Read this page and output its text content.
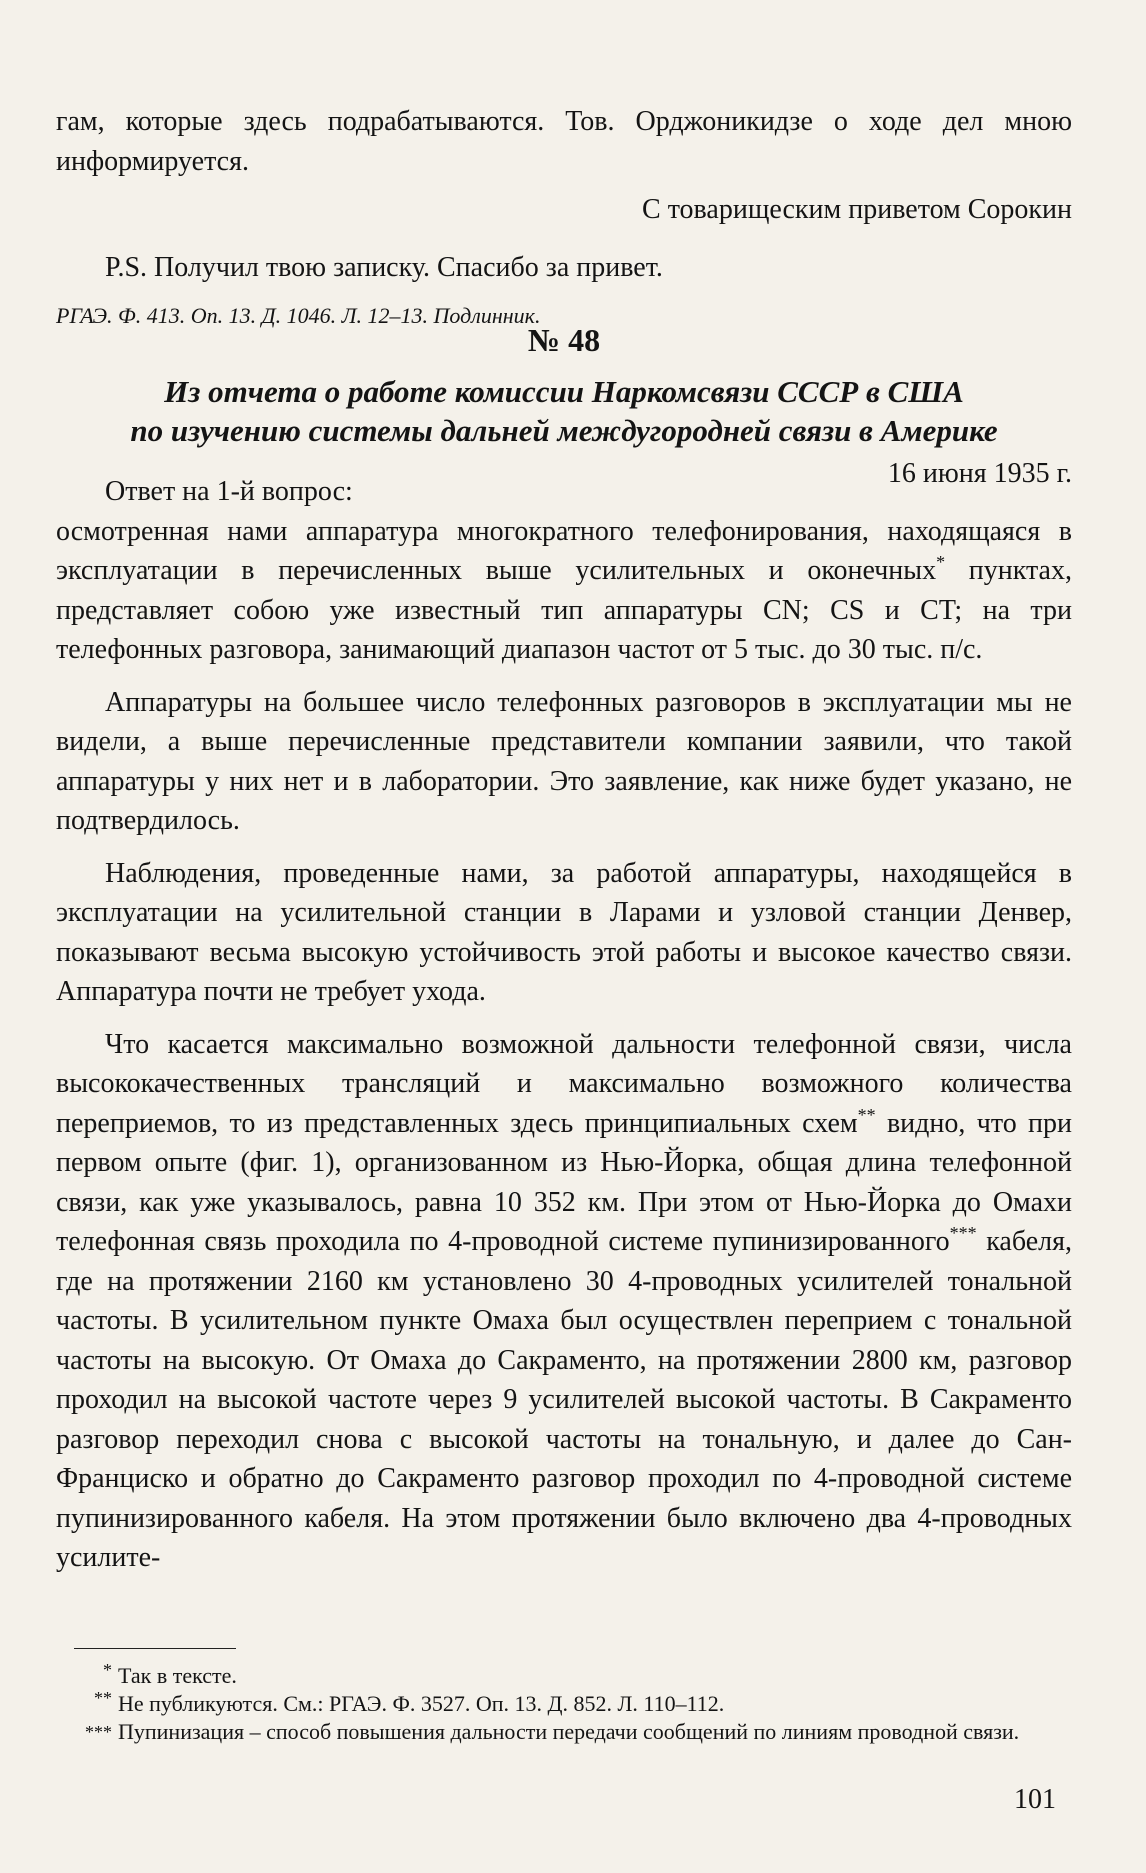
гам, которые здесь подрабатываются. Тов. Орджоникидзе о ходе дел мною информируется.

С товарищеским приветом Сорокин

P.S. Получил твою записку. Спасибо за привет.

РГАЭ. Ф. 413. Оп. 13. Д. 1046. Л. 12–13. Подлинник.

№ 48

Из отчета о работе комиссии Наркомсвязи СССР в США

по изучению системы дальней междугородней связи в Америке

16 июня 1935 г.

Ответ на 1-й вопрос:

осмотренная нами аппаратура многократного телефонирования, находящаяся в эксплуатации в перечисленных выше усилительных и оконечных* пунктах, представляет собою уже известный тип аппаратуры CN; CS и CT; на три телефонных разговора, занимающий диапазон частот от 5 тыс. до 30 тыс. п/с.

Аппаратуры на большее число телефонных разговоров в эксплуатации мы не видели, а выше перечисленные представители компании заявили, что такой аппаратуры у них нет и в лаборатории. Это заявление, как ниже будет указано, не подтвердилось.

Наблюдения, проведенные нами, за работой аппаратуры, находящейся в эксплуатации на усилительной станции в Ларами и узловой станции Денвер, показывают весьма высокую устойчивость этой работы и высокое качество связи. Аппаратура почти не требует ухода.

Что касается максимально возможной дальности телефонной связи, числа высококачественных трансляций и максимально возможного количества переприемов, то из представленных здесь принципиальных схем** видно, что при первом опыте (фиг. 1), организованном из Нью-Йорка, общая длина телефонной связи, как уже указывалось, равна 10 352 км. При этом от Нью-Йорка до Омахи телефонная связь проходила по 4-проводной системе пупинизированного*** кабеля, где на протяжении 2160 км установлено 30 4-проводных усилителей тональной частоты. В усилительном пункте Омаха был осуществлен переприем с тональной частоты на высокую. От Омаха до Сакраменто, на протяжении 2800 км, разговор проходил на высокой частоте через 9 усилителей высокой частоты. В Сакраменто разговор переходил снова с высокой частоты на тональную, и далее до Сан-Франциско и обратно до Сакраменто разговор проходил по 4-проводной системе пупинизированного кабеля. На этом протяжении было включено два 4-проводных усилите-

* Так в тексте.

** Не публикуются. См.: РГАЭ. Ф. 3527. Оп. 13. Д. 852. Л. 110–112.

*** Пупинизация – способ повышения дальности передачи сообщений по линиям проводной связи.

101
